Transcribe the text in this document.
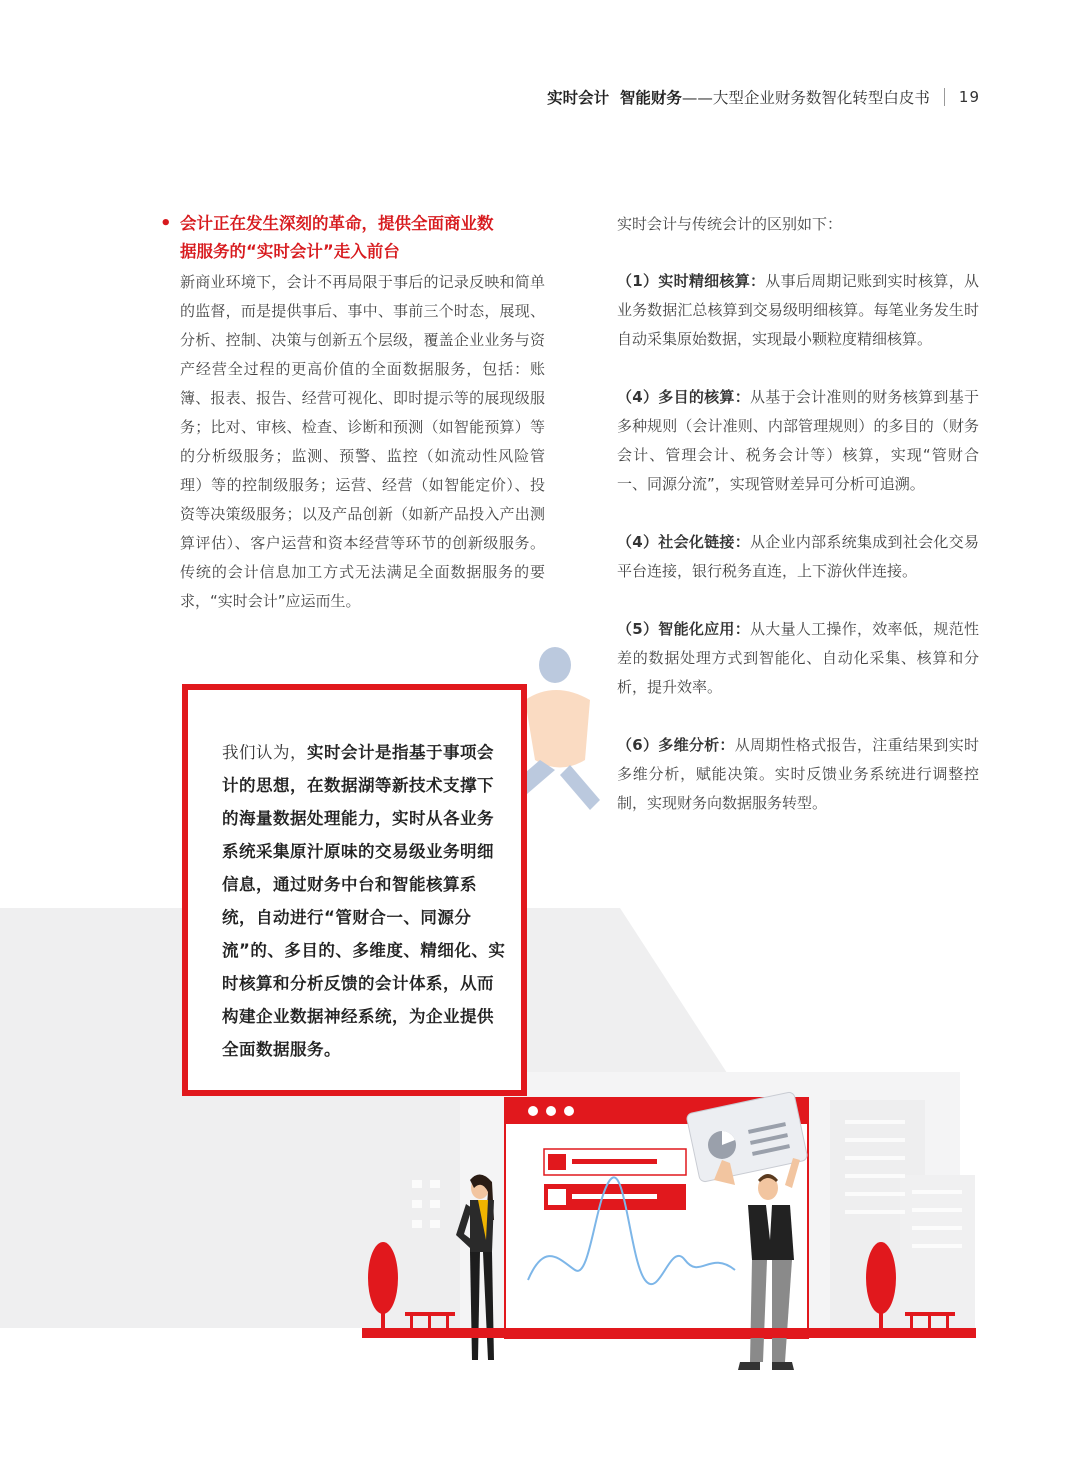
实时会计  智能财务 ——大型企业财务数智化转型白皮书 19
• 会计正在发生深刻的革命，提供全面商业数
据服务的“实时会计”走入前台

新商业环境下，会计不再局限于事后的记录反映和简单的监督，而是提供事后、事中、事前三个时态，展现、分析、控制、决策与创新五个层级，覆盖企业业务与资产经营全过程的更高价值的全面数据服务，包括：账簿、报表、报告、经营可视化、即时提示等的展现级服务；比对、审核、检查、诊断和预测（如智能预算）等的分析级服务；监测、预警、监控（如流动性风险管理）等的控制级服务；运营、经营（如智能定价）、投资等决策级服务；以及产品创新（如新产品投入产出测算评估）、客户运营和资本经营等环节的创新级服务。传统的会计信息加工方式无法满足全面数据服务的要求，“实时会计”应运而生。

实时会计与传统会计的区别如下：

（1）实时精细核算：从事后周期记账到实时核算，从业务数据汇总核算到交易级明细核算。每笔业务发生时自动采集原始数据，实现最小颗粒度精细核算。

（4）多目的核算：从基于会计准则的财务核算到基于多种规则（会计准则、内部管理规则）的多目的（财务会计、管理会计、税务会计等）核算，实现“管财合一、同源分流”，实现管财差异可分析可追溯。

（4）社会化链接：从企业内部系统集成到社会化交易平台连接，银行税务直连，上下游伙伴连接。

（5）智能化应用：从大量人工操作，效率低，规范性差的数据处理方式到智能化、自动化采集、核算和分析，提升效率。

（6）多维分析：从周期性格式报告，注重结果到实时多维分析，赋能决策。实时反馈业务系统进行调整控制，实现财务向数据服务转型。

我们认为，实时会计是指基于事项会计的思想，在数据湖等新技术支撑下的海量数据处理能力，实时从各业务系统采集原汁原味的交易级业务明细信息，通过财务中台和智能核算系统，自动进行“管财合一、同源分流”的、多目的、多维度、精细化、实时核算和分析反馈的会计体系，从而构建企业数据神经系统，为企业提供全面数据服务。
